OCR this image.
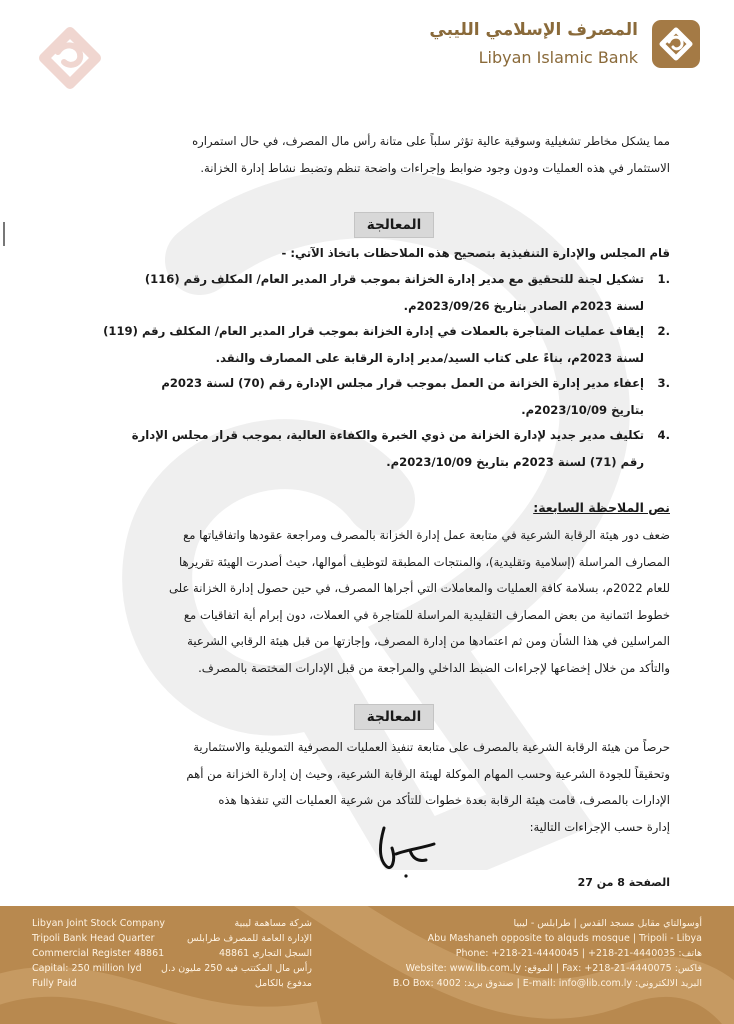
المصرف الإسلامي الليبي
Libyan Islamic Bank

مما يشكل مخاطر تشغيلية وسوقية عالية تؤثر سلباً على متانة رأس مال المصرف، في حال استمراره

الاستثمار في هذه العمليات ودون وجود ضوابط وإجراءات واضحة تنظم وتضبط نشاط إدارة الخزانة.

المعالجة
قام المجلس والإدارة التنفيذية بتصحيح هذه الملاحظات باتخاذ الآتي: -
.1

تشكيل لجنة للتحقيق مع مدير إدارة الخزانة بموجب قرار المدير العام/ المكلف رقم (116)

لسنة 2023م الصادر بتاريخ 2023/09/26م.

.2

إيقاف عمليات المتاجرة بالعملات في إدارة الخزانة بموجب قرار المدير العام/ المكلف رقم (119)

لسنة 2023م، بناءً على كتاب السيد/مدير إدارة الرقابة على المصارف والنقد.

.3

إعفاء مدير إدارة الخزانة من العمل بموجب قرار مجلس الإدارة رقم (70) لسنة 2023م

بتاريخ 2023/10/09م.

.4

تكليف مدير جديد لإدارة الخزانة من ذوي الخبرة والكفاءة العالية، بموجب قرار مجلس الإدارة

رقم (71) لسنة 2023م بتاريخ 2023/10/09م.

نص الملاحظة السابعة:

ضعف دور هيئة الرقابة الشرعية في متابعة عمل إدارة الخزانة بالمصرف ومراجعة عقودها واتفاقياتها مع

المصارف المراسلة (إسلامية وتقليدية)، والمنتجات المطبقة لتوظيف أموالها، حيث أصدرت الهيئة تقريرها

للعام 2022م، بسلامة كافة العمليات والمعاملات التي أجراها المصرف، في حين حصول إدارة الخزانة على

خطوط ائتمانية من بعض المصارف التقليدية المراسلة للمتاجرة في العملات، دون إبرام أية اتفاقيات مع

المراسلين في هذا الشأن ومن ثم اعتمادها من إدارة المصرف، وإجازتها من قبل هيئة الرقابي الشرعية

والتأكد من خلال إخضاعها لإجراءات الضبط الداخلي والمراجعة من قبل الإدارات المختصة بالمصرف.

المعالجة

حرصاً من هيئة الرقابة الشرعية بالمصرف على متابعة تنفيذ العمليات المصرفية التمويلية والاستثمارية

وتحقيقاً للجودة الشرعية وحسب المهام الموكلة لهيئة الرقابة الشرعية، وحيث إن إدارة الخزانة من أهم

الإدارات بالمصرف، قامت هيئة الرقابة بعدة خطوات للتأكد من شرعية العمليات التي تنفذها هذه

إدارة حسب الإجراءات التالية:

الصفحة 8 من 27
Libyan Joint Stock Company
Tripoli Bank Head Quarter
Commercial Register 48861
Capital: 250 million lyd
Fully Paid
شركة مساهمة ليبية
الإدارة العامة للمصرف طرابلس
السجل التجاري 48861
رأس مال المكتتب فيه 250 مليون د.ل
مدفوع بالكامل
أوسوالتاي مقابل مسجد القدس | طرابلس - ليبيا
Abu Mashaneh opposite to alquds mosque | Tripoli - Libya
Phone: +218-21-4440045 | +218-21-4440035 :هاتف
Website: www.lib.com.ly :الموقع | Fax: +218-21-4440075 :فاكس
B.O Box: 4002 :صندوق بريد | E-mail: info@lib.com.ly :البريد الالكتروني
